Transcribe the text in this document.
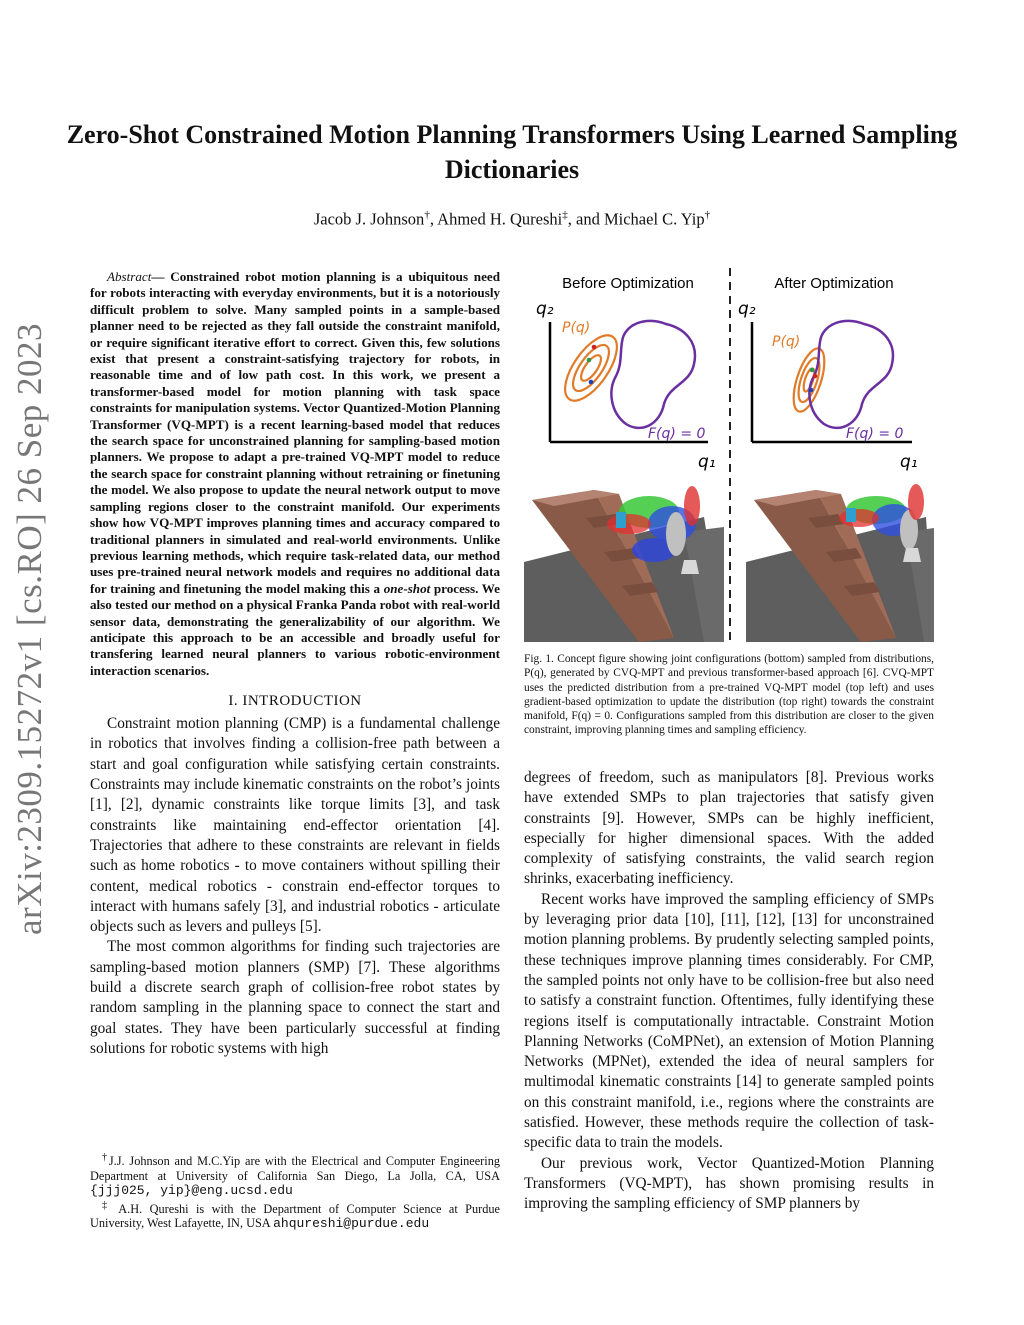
arXiv:2309.15272v1 [cs.RO] 26 Sep 2023
Zero-Shot Constrained Motion Planning Transformers Using Learned Sampling Dictionaries
Jacob J. Johnson†, Ahmed H. Qureshi‡, and Michael C. Yip†

Abstract— Constrained robot motion planning is a ubiquitous need for robots interacting with everyday environments, but it is a notoriously difficult problem to solve. Many sampled points in a sample-based planner need to be rejected as they fall outside the constraint manifold, or require significant iterative effort to correct. Given this, few solutions exist that present a constraint-satisfying trajectory for robots, in reasonable time and of low path cost. In this work, we present a transformer-based model for motion planning with task space constraints for manipulation systems. Vector Quantized-Motion Planning Transformer (VQ-MPT) is a recent learning-based model that reduces the search space for unconstrained planning for sampling-based motion planners. We propose to adapt a pre-trained VQ-MPT model to reduce the search space for constraint planning without retraining or finetuning the model. We also propose to update the neural network output to move sampling regions closer to the constraint manifold. Our experiments show how VQ-MPT improves planning times and accuracy compared to traditional planners in simulated and real-world environments. Unlike previous learning methods, which require task-related data, our method uses pre-trained neural network models and requires no additional data for training and finetuning the model making this a one-shot process. We also tested our method on a physical Franka Panda robot with real-world sensor data, demonstrating the generalizability of our algorithm. We anticipate this approach to be an accessible and broadly useful for transfering learned neural planners to various robotic-environment interaction scenarios.

I. INTRODUCTION

Constraint motion planning (CMP) is a fundamental challenge in robotics that involves finding a collision-free path between a start and goal configuration while satisfying certain constraints. Constraints may include kinematic constraints on the robot’s joints [1], [2], dynamic constraints like torque limits [3], and task constraints like maintaining end-effector orientation [4]. Trajectories that adhere to these constraints are relevant in fields such as home robotics - to move containers without spilling their content, medical robotics - constrain end-effector torques to interact with humans safely [3], and industrial robotics - articulate objects such as levers and pulleys [5].

The most common algorithms for finding such trajectories are sampling-based motion planners (SMP) [7]. These algorithms build a discrete search graph of collision-free robot states by random sampling in the planning space to connect the start and goal states. They have been particularly successful at finding solutions for robotic systems with high

†J.J. Johnson and M.C.Yip are with the Electrical and Computer Engineering Department at University of California San Diego, La Jolla, CA, USA {jjj025, yip}@eng.ucsd.edu
‡ A.H. Qureshi is with the Department of Computer Science at Purdue University, West Lafayette, IN, USA ahqureshi@purdue.edu
Before Optimization	After Optimization
q₂
q₁
P(q)
F(q) = 0
q₂
q₁
P(q)
F(q) = 0
Fig. 1. Concept figure showing joint configurations (bottom) sampled from distributions, P(q), generated by CVQ-MPT and previous transformer-based approach [6]. CVQ-MPT uses the predicted distribution from a pre-trained VQ-MPT model (top left) and uses gradient-based optimization to update the distribution (top right) towards the constraint manifold, F(q) = 0. Configurations sampled from this distribution are closer to the given constraint, improving planning times and sampling efficiency.

degrees of freedom, such as manipulators [8]. Previous works have extended SMPs to plan trajectories that satisfy given constraints [9]. However, SMPs can be highly inefficient, especially for higher dimensional spaces. With the added complexity of satisfying constraints, the valid search region shrinks, exacerbating inefficiency.

Recent works have improved the sampling efficiency of SMPs by leveraging prior data [10], [11], [12], [13] for unconstrained motion planning problems. By prudently selecting sampled points, these techniques improve planning times considerably. For CMP, the sampled points not only have to be collision-free but also need to satisfy a constraint function. Oftentimes, fully identifying these regions itself is computationally intractable. Constraint Motion Planning Networks (CoMPNet), an extension of Motion Planning Networks (MPNet), extended the idea of neural samplers for multimodal kinematic constraints [14] to generate sampled points on this constraint manifold, i.e., regions where the constraints are satisfied. However, these methods require the collection of task-specific data to train the models.

Our previous work, Vector Quantized-Motion Planning Transformers (VQ-MPT), has shown promising results in improving the sampling efficiency of SMP planners by
